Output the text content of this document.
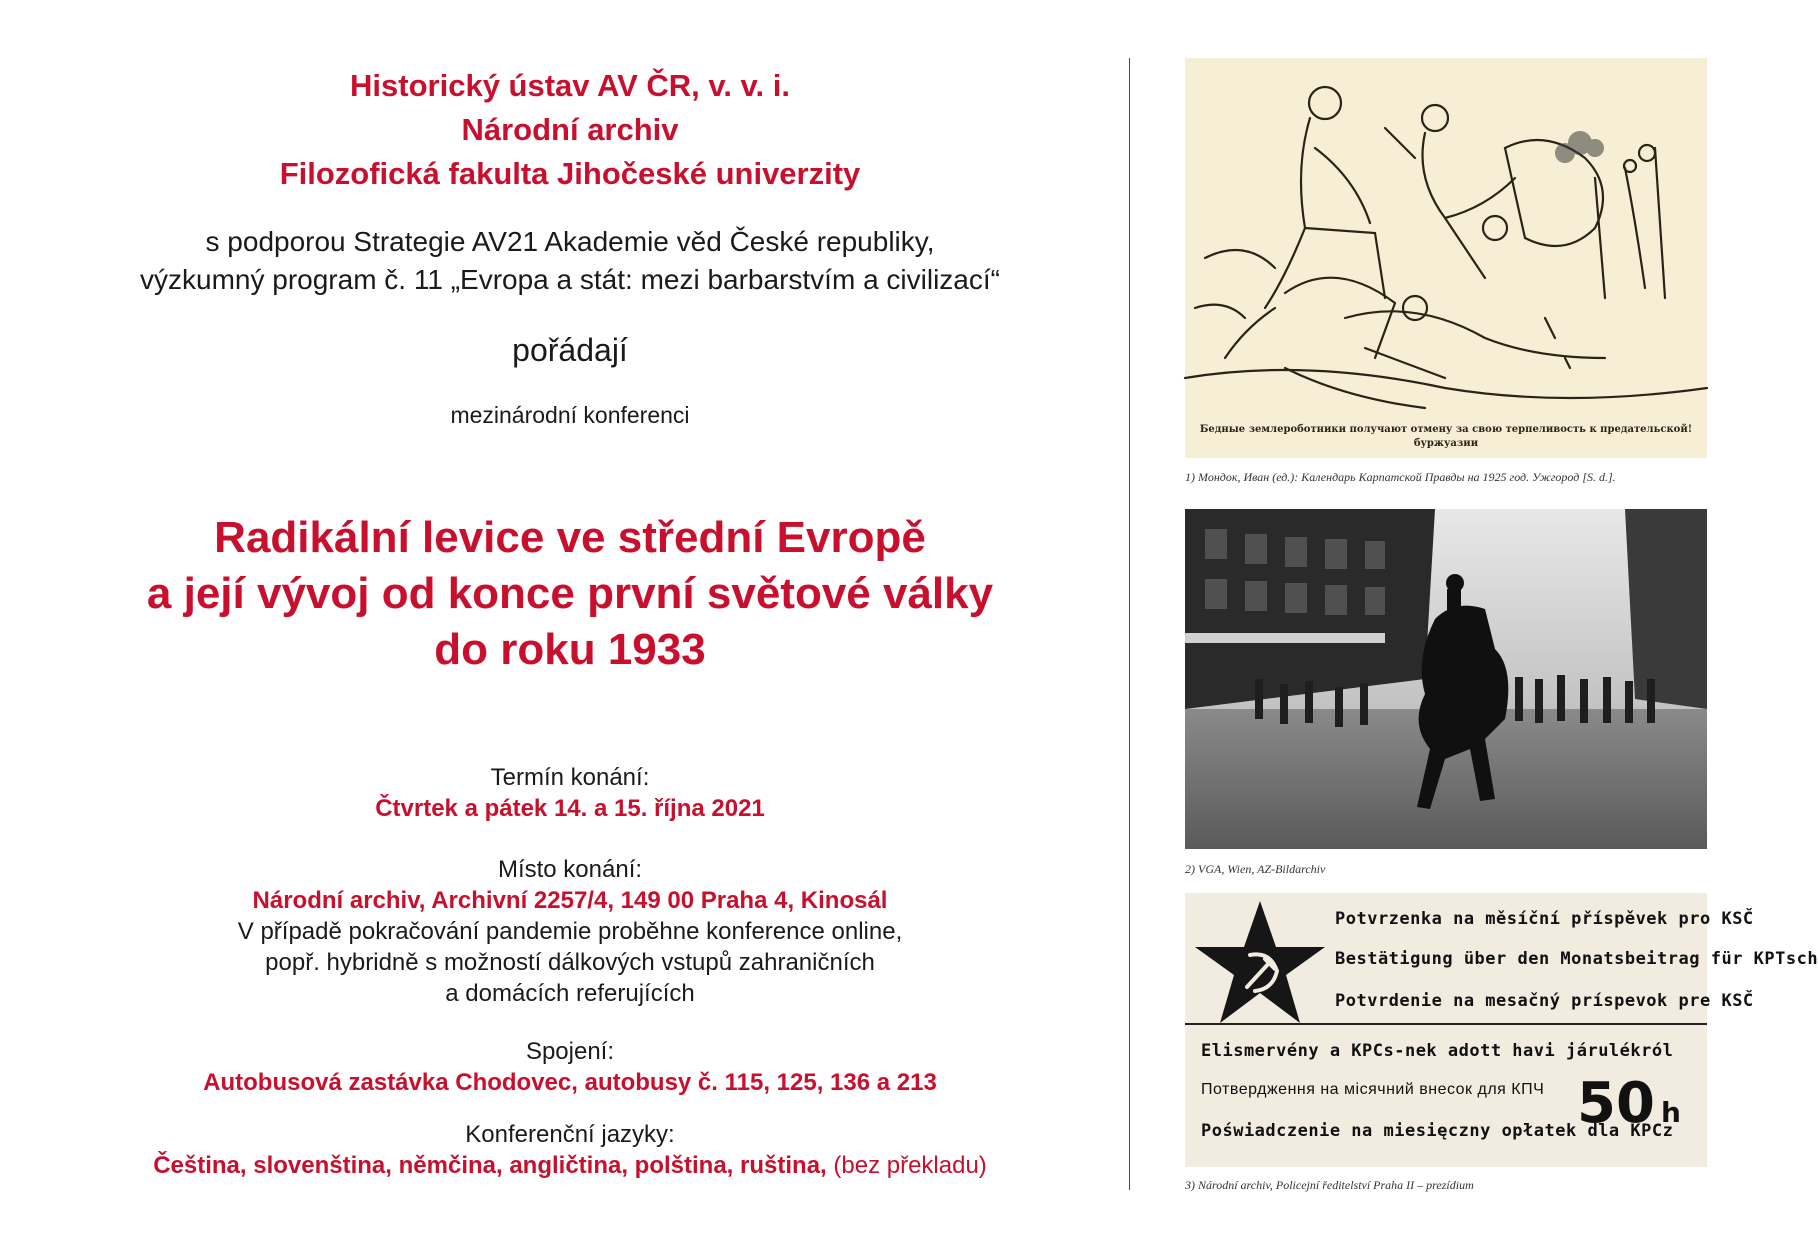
Historický ústav AV ČR, v. v. i.

Národní archiv

Filozofická fakulta Jihočeské univerzity

s podporou Strategie AV21 Akademie věd České republiky,
výzkumný program č. 11 „Evropa a stát: mezi barbarstvím a civilizací“
pořádají
mezinárodní konferenci
Radikální levice ve střední Evropě
a její vývoj od konce první světové války
do roku 1933
Termín konání:
Čtvrtek a pátek 14. a 15. října 2021
Místo konání:
Národní archiv, Archivní 2257/4, 149 00 Praha 4, Kinosál
V případě pokračování pandemie proběhne konference online,
popř. hybridně s možností dálkových vstupů zahraničních
a domácích referujících
Spojení:
Autobusová zastávka Chodovec, autobusy č. 115, 125, 136 a 213
Konferenční jazyky:
Čeština, slovenština, němčina, angličtina, polština, ruština, (bez překladu)
Бедные землероботники получают отмену за свою терпеливость к предательской!
буржуазии
1) Мондок, Иван (ед.): Календарь Карпатской Правды на 1925 год. Ужгород [S. d.].
2) VGA, Wien, AZ-Bildarchiv
Potvrzenka na měsíční příspěvek pro KSČ
Bestätigung über den Monatsbeitrag für KPTsch
Potvrdenie na mesačný príspevok pre KSČ
Elismervény a KPCs-nek adott havi járulékról
Потвердження на місячний внесок для КПЧ
Poświadczenie na miesięczny opłatek dla KPCz
50 h
3) Národní archiv, Policejní ředitelství Praha II – prezídium
